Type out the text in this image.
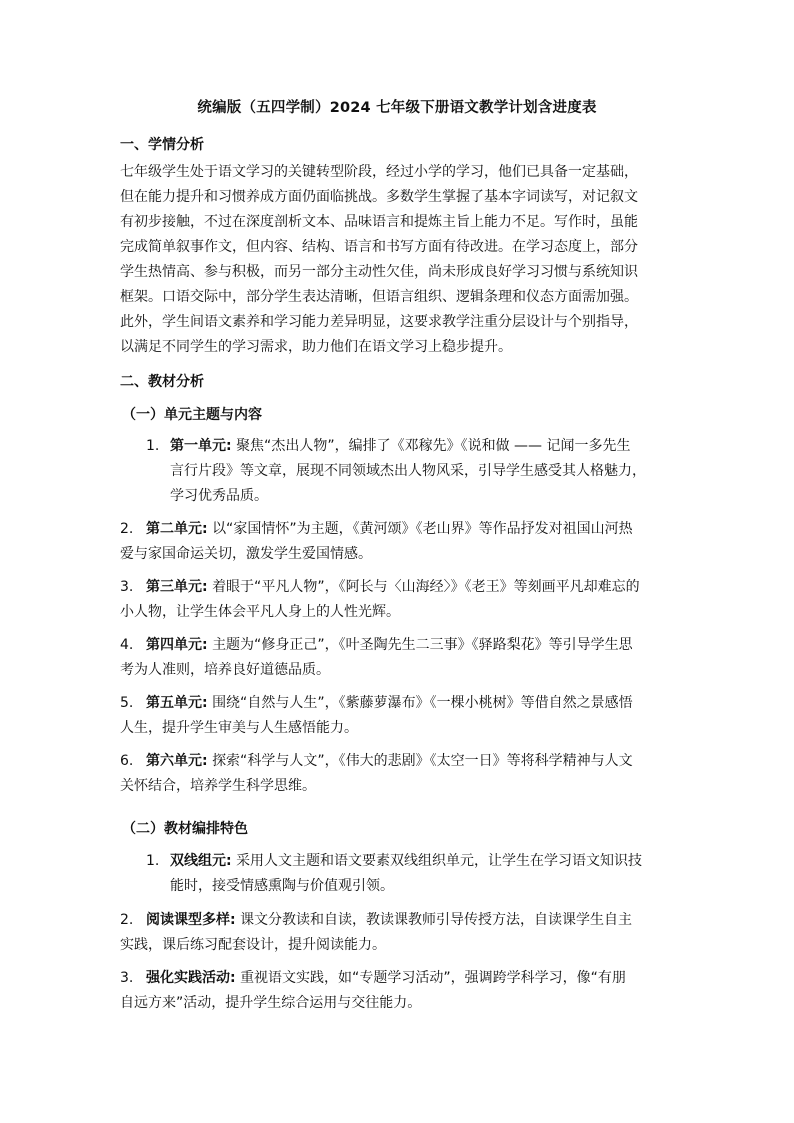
统编版（五四学制）2024 七年级下册语文教学计划含进度表
一、学情分析
七年级学生处于语文学习的关键转型阶段，经过小学的学习，他们已具备一定基础，
但在能力提升和习惯养成方面仍面临挑战。多数学生掌握了基本字词读写，对记叙文
有初步接触，不过在深度剖析文本、品味语言和提炼主旨上能力不足。写作时，虽能
完成简单叙事作文，但内容、结构、语言和书写方面有待改进。在学习态度上，部分
学生热情高、参与积极，而另一部分主动性欠佳，尚未形成良好学习习惯与系统知识
框架。口语交际中，部分学生表达清晰，但语言组织、逻辑条理和仪态方面需加强。
此外，学生间语文素养和学习能力差异明显，这要求教学注重分层设计与个别指导，
以满足不同学生的学习需求，助力他们在语文学习上稳步提升。
二、教材分析
（一）单元主题与内容
1. 第一单元: 聚焦“杰出人物”，编排了《邓稼先》《说和做 —— 记闻一多先生
言行片段》等文章，展现不同领域杰出人物风采，引导学生感受其人格魅力，
学习优秀品质。
2. 第二单元: 以“家国情怀”为主题，《黄河颂》《老山界》等作品抒发对祖国山河热
爱与家国命运关切，激发学生爱国情感。
3. 第三单元: 着眼于“平凡人物”，《阿长与〈山海经〉》《老王》等刻画平凡却难忘的
小人物，让学生体会平凡人身上的人性光辉。
4. 第四单元: 主题为“修身正己”，《叶圣陶先生二三事》《驿路梨花》等引导学生思
考为人准则，培养良好道德品质。
5. 第五单元: 围绕“自然与人生”，《紫藤萝瀑布》《一棵小桃树》等借自然之景感悟
人生，提升学生审美与人生感悟能力。
6. 第六单元: 探索“科学与人文”，《伟大的悲剧》《太空一日》等将科学精神与人文
关怀结合，培养学生科学思维。
（二）教材编排特色
1. 双线组元: 采用人文主题和语文要素双线组织单元，让学生在学习语文知识技
能时，接受情感熏陶与价值观引领。
2. 阅读课型多样: 课文分教读和自读，教读课教师引导传授方法，自读课学生自主
实践，课后练习配套设计，提升阅读能力。
3. 强化实践活动: 重视语文实践，如“专题学习活动”，强调跨学科学习，像“有朋
自远方来”活动，提升学生综合运用与交往能力。
